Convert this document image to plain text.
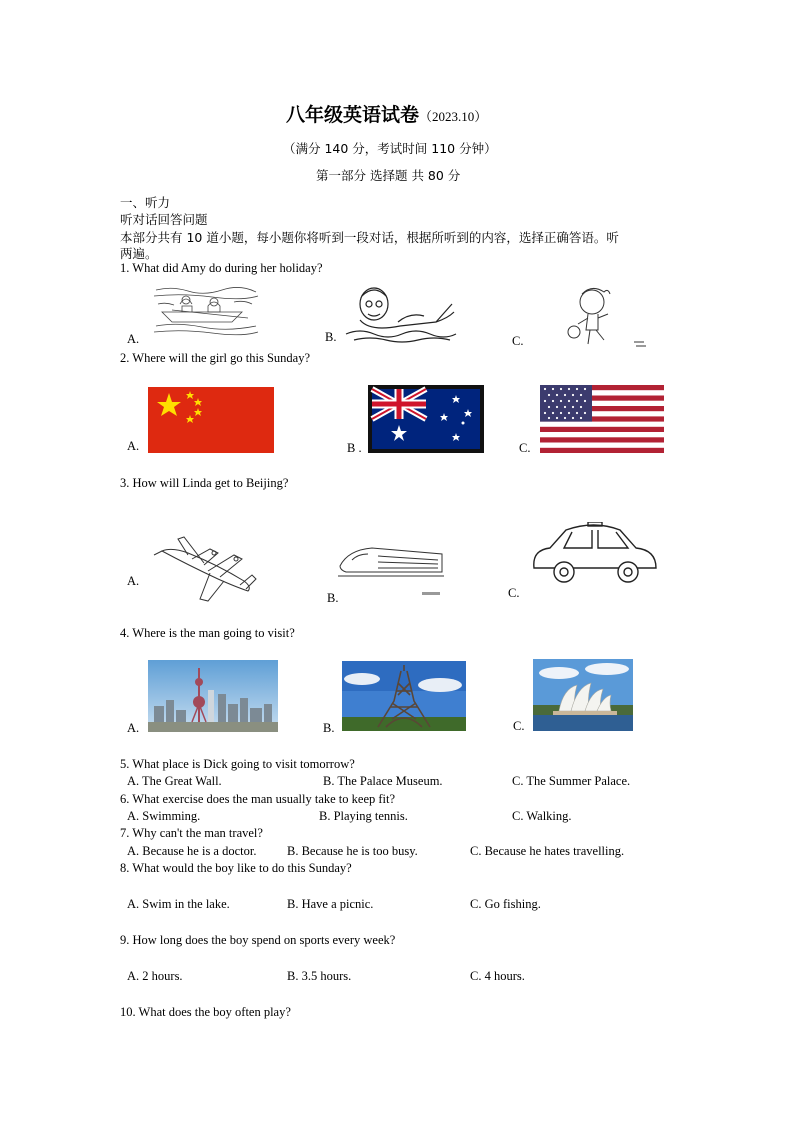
八年级英语试卷（2023.10）
（满分 140 分，考试时间 110 分钟）
第一部分 选择题 共 80 分
一、听力
听对话回答问题
本部分共有 10 道小题，每小题你将听到一段对话，根据所听到的内容，选择正确答语。听
两遍。
1. What did Amy do during her holiday?
A.	B.	C.
2. Where will the girl go this Sunday?
A.	B .	C.
3. How will Linda get to Beijing?
A.
B.	C.
4. Where is the man going to visit?
A.	B.	C.
5. What place is Dick going to visit tomorrow?
A. The Great Wall.	B. The Palace Museum.	C. The Summer Palace.
6. What exercise does the man usually take to keep fit?
A. Swimming.	B. Playing tennis.	C. Walking.
7. Why can't the man travel?
A. Because he is a doctor. B. Because he is too busy.	C. Because he hates travelling.
8. What would the boy like to do this Sunday?
A. Swim in the lake.	B. Have a picnic.	C. Go fishing.
9. How long does the boy spend on sports every week?
A. 2 hours.	B. 3.5 hours.	C. 4 hours.
10. What does the boy often play?
